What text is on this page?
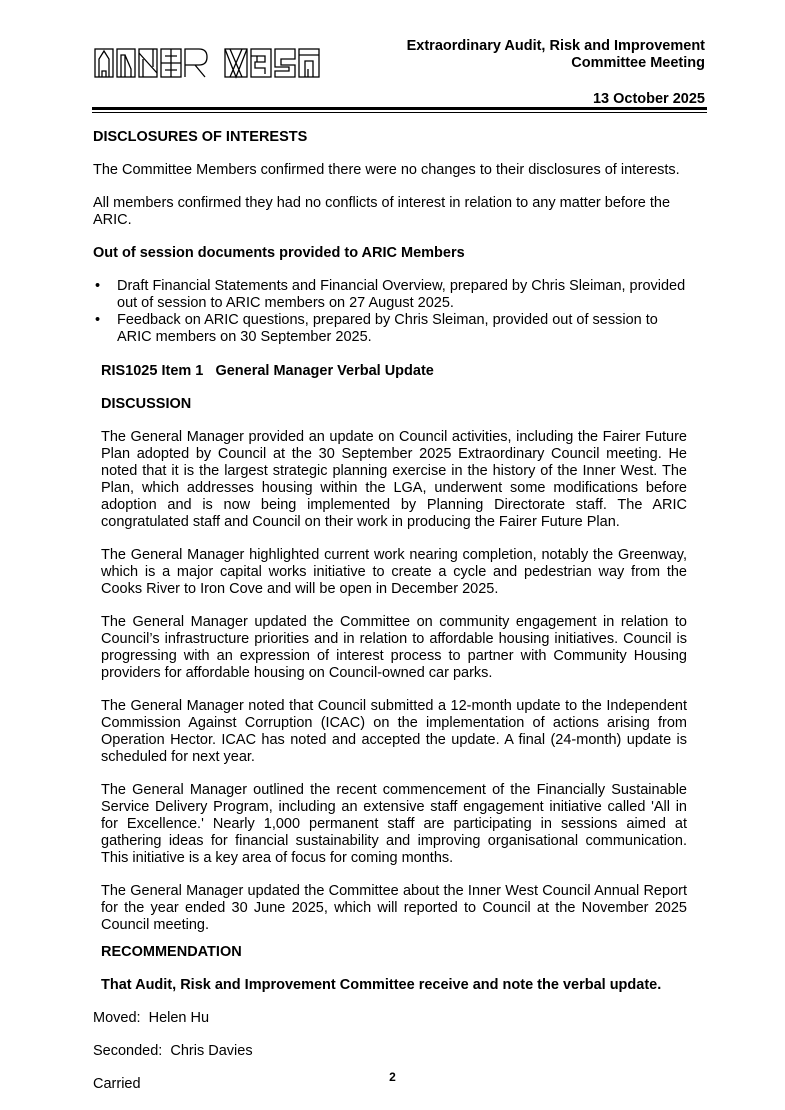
Extraordinary Audit, Risk and Improvement
Committee Meeting
13 October 2025

DISCLOSURES OF INTERESTS

The Committee Members confirmed there were no changes to their disclosures of interests.

All members confirmed they had no conflicts of interest in relation to any matter before the ARIC.

Out of session documents provided to ARIC Members

• Draft Financial Statements and Financial Overview, prepared by Chris Sleiman, provided out of session to ARIC members on 27 August 2025.
• Feedback on ARIC questions, prepared by Chris Sleiman, provided out of session to ARIC members on 30 September 2025.

RIS1025 Item 1   General Manager Verbal Update

DISCUSSION

The General Manager provided an update on Council activities, including the Fairer Future Plan adopted by Council at the 30 September 2025 Extraordinary Council meeting. He noted that it is the largest strategic planning exercise in the history of the Inner West. The Plan, which addresses housing within the LGA, underwent some modifications before adoption and is now being implemented by Planning Directorate staff. The ARIC congratulated staff and Council on their work in producing the Fairer Future Plan.

The General Manager highlighted current work nearing completion, notably the Greenway, which is a major capital works initiative to create a cycle and pedestrian way from the Cooks River to Iron Cove and will be open in December 2025.

The General Manager updated the Committee on community engagement in relation to Council’s infrastructure priorities and in relation to affordable housing initiatives. Council is progressing with an expression of interest process to partner with Community Housing providers for affordable housing on Council-owned car parks.

The General Manager noted that Council submitted a 12-month update to the Independent Commission Against Corruption (ICAC) on the implementation of actions arising from Operation Hector. ICAC has noted and accepted the update. A final (24-month) update is scheduled for next year.

The General Manager outlined the recent commencement of the Financially Sustainable Service Delivery Program, including an extensive staff engagement initiative called 'All in for Excellence.' Nearly 1,000 permanent staff are participating in sessions aimed at gathering ideas for financial sustainability and improving organisational communication. This initiative is a key area of focus for coming months.

The General Manager updated the Committee about the Inner West Council Annual Report for the year ended 30 June 2025, which will reported to Council at the November 2025 Council meeting.

RECOMMENDATION

That Audit, Risk and Improvement Committee receive and note the verbal update.

Moved:  Helen Hu

Seconded:  Chris Davies

Carried	2
